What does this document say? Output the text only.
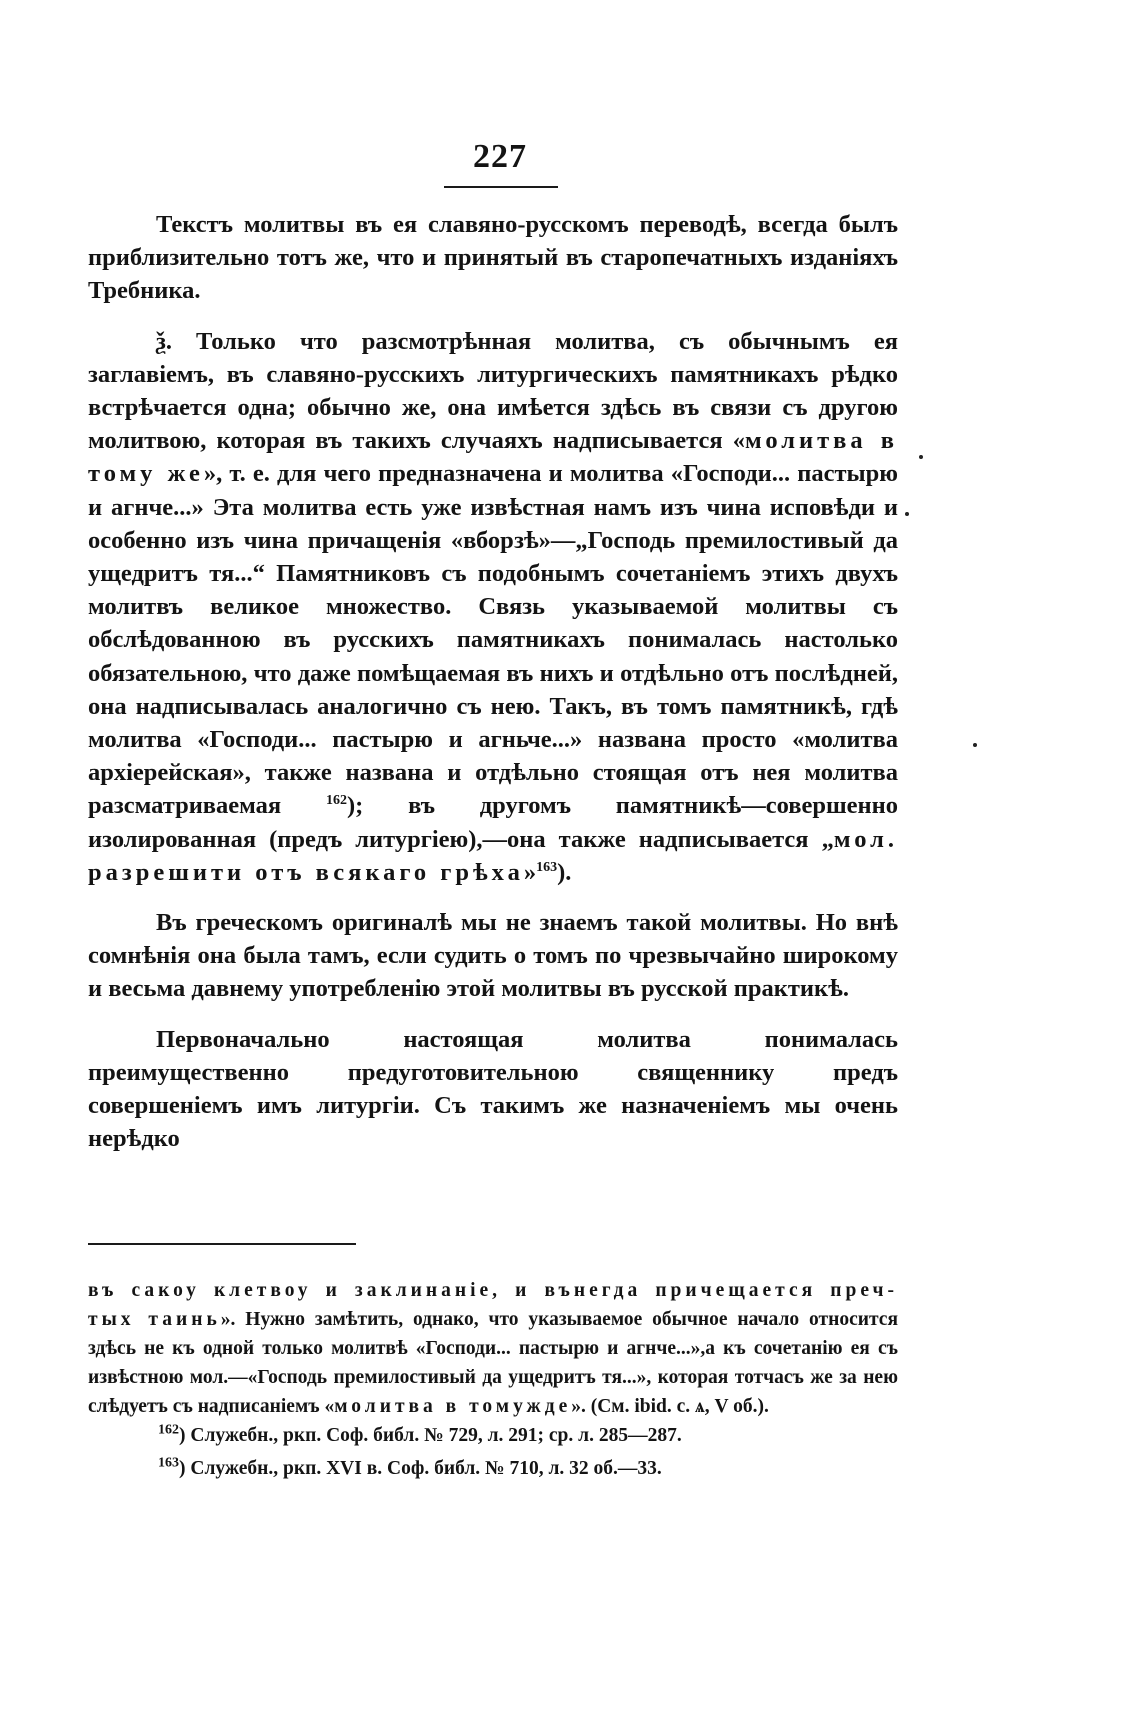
227

Текстъ молитвы въ ея славяно-русскомъ переводѣ, всегда былъ приблизительно тотъ же, что и принятый въ старопечатныхъ изданіяхъ Требника.

ѯ. Только что разсмотрѣнная молитва, съ обычнымъ ея заглавіемъ, въ славяно-русскихъ литургическихъ памятникахъ рѣдко встрѣчается одна; обычно же, она имѣется здѣсь въ связи съ другою молитвою, которая въ такихъ случаяхъ надписывается «молитва в тому же», т. е. для чего предназначена и молитва «Господи... пастырю и агнче...» Эта молитва есть уже извѣстная намъ изъ чина исповѣди и особенно изъ чина причащенія «вборзѣ»—„Господь премилостивый да ущедритъ тя...“ Памятниковъ съ подобнымъ сочетаніемъ этихъ двухъ молитвъ великое множество. Связь указываемой молитвы съ обслѣдованною въ русскихъ памятникахъ понималась настолько обязательною, что даже помѣщаемая въ нихъ и отдѣльно отъ послѣдней, она надписывалась аналогично съ нею. Такъ, въ томъ памятникѣ, гдѣ молитва «Господи... пастырю и агньче...» названа просто «молитва архіерейская», также названа и отдѣльно стоящая отъ нея молитва разсматриваемая $^{162}$); въ другомъ памятникѣ—совершенно изолированная (предъ литургіею),—она также надписывается „мол. разрешити отъ всякаго грѣха»$^{163}$).

Въ греческомъ оригиналѣ мы не знаемъ такой молитвы. Но внѣ сомнѣнія она была тамъ, если судить о томъ по чрезвычайно широкому и весьма давнему употребленію этой молитвы въ русской практикѣ.

Первоначально настоящая молитва понималась преимущественно предуготовительною священнику предъ совершеніемъ имъ литургіи. Съ такимъ же назначеніемъ мы очень нерѣдко

въ сакоу клетвоу и заклинаніе, и вънегда причещается преч-тых таинь». Нужно замѣтить, однако, что указываемое обычное начало относится здѣсь не къ одной только молитвѣ «Господи... пастырю и агнче...»,а къ сочетанію ея съ извѣстною мол.—«Господь премилостивый да ущедритъ тя...», которая тотчасъ же за нею слѣдуетъ съ надписаніемъ «молитва в томужде». (См. ibid. с. ѧ, V об.).

$^{162}$) Служебн., ркп. Соф. библ. № 729, л. 291; ср. л. 285—287.

$^{163}$) Служебн., ркп. XVI в. Соф. библ. № 710, л. 32 об.—33.
